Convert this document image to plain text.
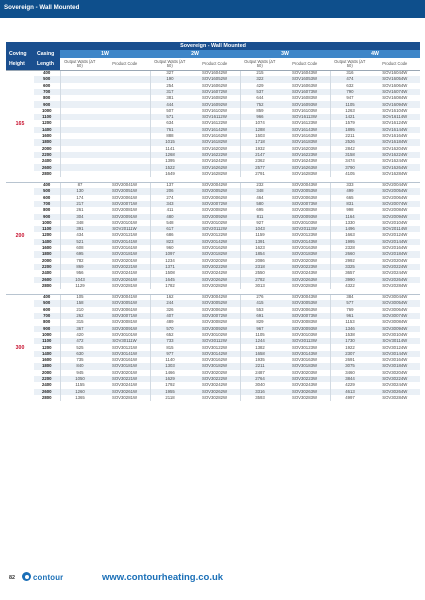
Sovereign - Wall Mounted
Sovereign - Wall Mounted									
Coving	Casing	1W		2W		3W		4W	
Height	Length	Output Watts (∆T 50)	Product Code	Output Watts (∆T 50)	Product Code	Output Watts (∆T 50)	Product Code	Output Watts (∆T 50)	Product Code
165	400			327	SOV16042W	215	SOV16043W	316	SOV16044W
	500			190	SOV16052W	322	SOV16053W	474	SOV16054W
	600			254	SOV16062W	429	SOV16063W	632	SOV16064W
	700			317	SOV16072W	537	SOV16073W	790	SOV16074W
	800			381	SOV16082W	644	SOV16083W	947	SOV16084W
	900			444	SOV16092W	752	SOV16093W	1105	SOV16094W
	1000			507	SOV16102W	859	SOV16103W	1263	SOV16104W
	1100			571	SOV16112W	966	SOV16113W	1421	SOV16114W
	1200			634	SOV16122W	1074	SOV16123W	1579	SOV16124W
	1400			761	SOV16142W	1288	SOV16143W	1895	SOV16144W
	1600			888	SOV16162W	1503	SOV16163W	2211	SOV16164W
	1800			1015	SOV16182W	1718	SOV16183W	2526	SOV16184W
	2000			1141	SOV16202W	1932	SOV16203W	2842	SOV16204W
	2200			1268	SOV16222W	2147	SOV16223W	3158	SOV16224W
	2400			1395	SOV16242W	2362	SOV16243W	3474	SOV16244W
	2600			1522	SOV16262W	2577	SOV16263W	3790	SOV16264W
	2800			1649	SOV16282W	2791	SOV16283W	4105	SOV16284W

200	400	87	SOV20041W	137	SOV20042W	232	SOV20043W	333	SOV20044W
	500	130	SOV20051W	206	SOV20052W	348	SOV20053W	499	SOV20054W
	600	174	SOV20061W	274	SOV20062W	464	SOV20063W	665	SOV20064W
	700	217	SOV20071W	343	SOV20072W	580	SOV20073W	831	SOV20074W
	800	261	SOV20081W	411	SOV20082W	695	SOV20083W	998	SOV20084W
	900	304	SOV20091W	480	SOV20092W	811	SOV20093W	1164	SOV20094W
	1000	348	SOV20101W	548	SOV20102W	927	SOV20103W	1330	SOV20104W
	1100	391	SOV20111W	617	SOV20112W	1043	SOV20113W	1496	SOV20114W
	1200	434	SOV20121W	686	SOV20122W	1159	SOV20123W	1663	SOV20124W
	1400	521	SOV20141W	823	SOV20142W	1391	SOV20143W	1995	SOV20144W
	1600	608	SOV20161W	960	SOV20162W	1623	SOV20163W	2328	SOV20164W
	1800	695	SOV20181W	1097	SOV20182W	1854	SOV20183W	2660	SOV20184W
	2000	782	SOV20201W	1234	SOV20202W	2086	SOV20203W	2992	SOV20204W
	2200	869	SOV20221W	1371	SOV20222W	2318	SOV20223W	3325	SOV20224W
	2400	956	SOV20241W	1508	SOV20242W	2550	SOV20243W	3657	SOV20244W
	2600	1043	SOV20261W	1645	SOV20262W	2782	SOV20263W	3990	SOV20264W
	2800	1129	SOV20281W	1782	SOV20282W	3013	SOV20283W	4322	SOV20284W

300	400	105	SOV30041W	162	SOV30042W	276	SOV30043W	384	SOV30044W
	500	158	SOV30051W	244	SOV30052W	415	SOV30053W	577	SOV30054W
	600	210	SOV30061W	326	SOV30062W	553	SOV30063W	769	SOV30064W
	700	262	SOV30071W	407	SOV30072W	691	SOV30073W	961	SOV30074W
	800	315	SOV30081W	489	SOV30082W	829	SOV30083W	1153	SOV30084W
	900	367	SOV30091W	570	SOV30092W	967	SOV30093W	1346	SOV30094W
	1000	420	SOV30101W	652	SOV30102W	1105	SOV30103W	1538	SOV30104W
	1100	472	SOV30111W	733	SOV30112W	1244	SOV30113W	1730	SOV30114W
	1200	525	SOV30121W	815	SOV30122W	1382	SOV30123W	1922	SOV30124W
	1400	630	SOV30141W	977	SOV30142W	1658	SOV30143W	2307	SOV30144W
	1600	735	SOV30161W	1140	SOV30162W	1935	SOV30163W	2691	SOV30164W
	1800	840	SOV30181W	1303	SOV30182W	2211	SOV30183W	3075	SOV30184W
	2000	945	SOV30201W	1466	SOV30202W	2487	SOV30203W	3460	SOV30204W
	2200	1050	SOV30221W	1629	SOV30222W	2764	SOV30223W	3844	SOV30224W
	2400	1155	SOV30241W	1792	SOV30242W	3040	SOV30243W	4229	SOV30244W
	2600	1260	SOV30261W	1955	SOV30262W	3316	SOV30263W	4613	SOV30264W
	2800	1365	SOV30281W	2118	SOV30282W	3593	SOV30283W	4997	SOV30284W
82 contour	www.contourheating.co.uk
